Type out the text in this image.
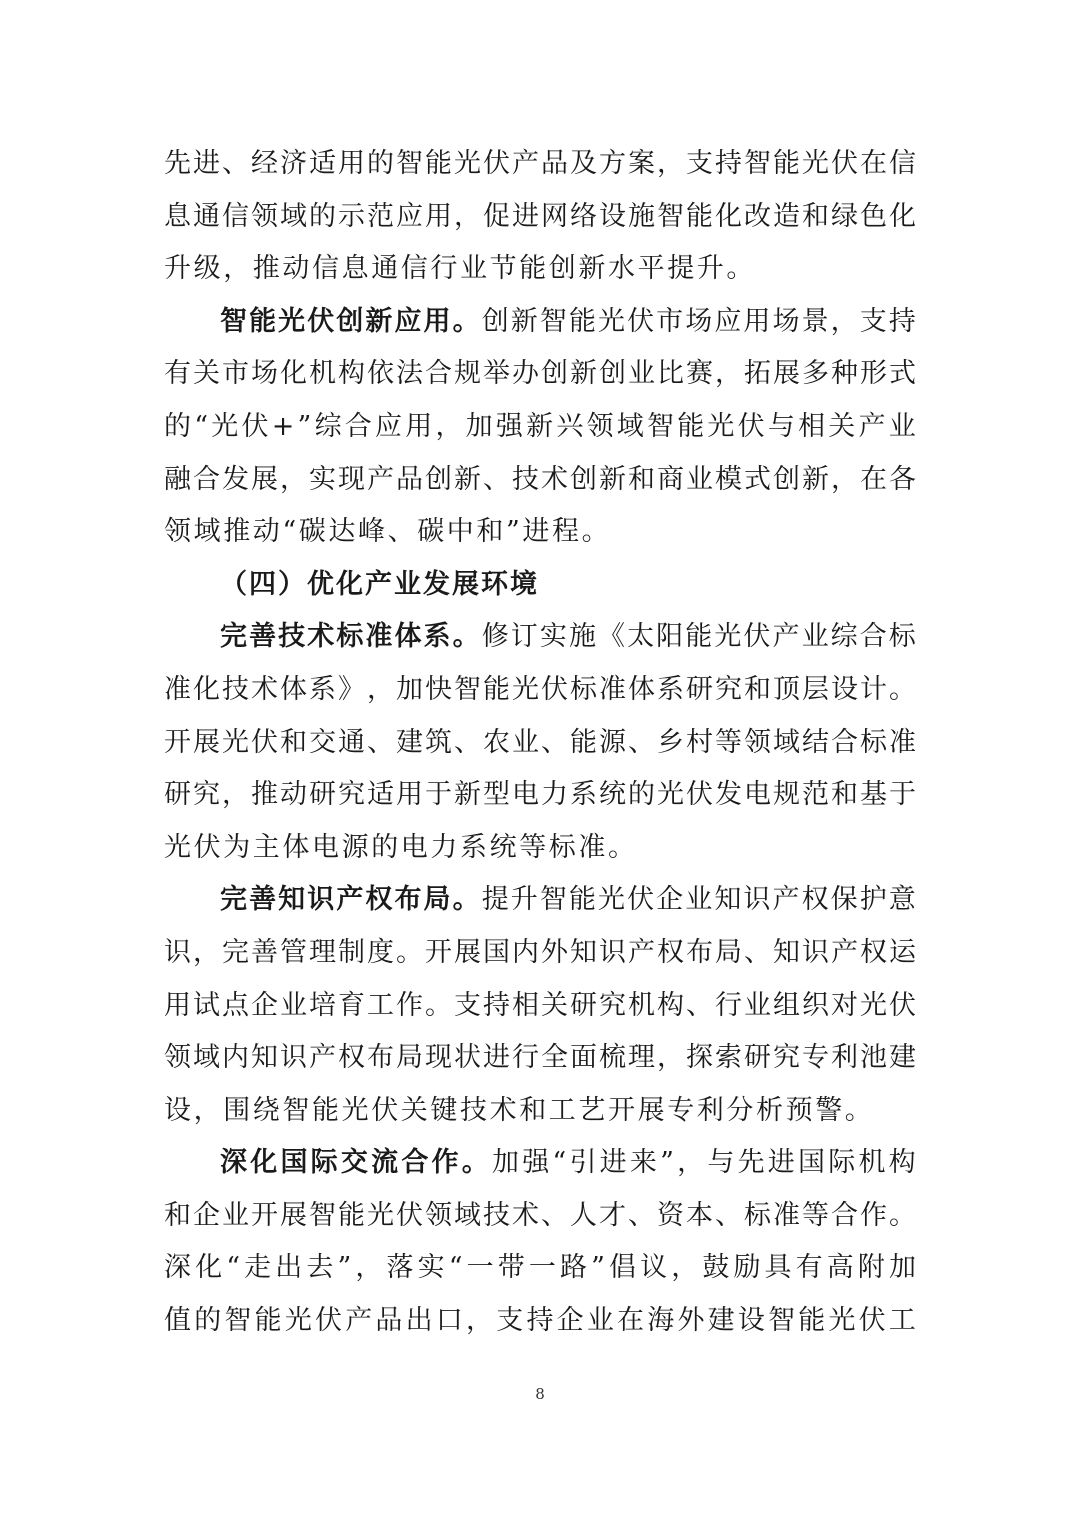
先 进 、 经 济 适 用 的 智 能 光 伏 产 品 及 方 案 ， 支 持 智 能 光 伏 在 信
息 通 信 领 域 的 示 范 应 用 ， 促 进 网 络 设 施 智 能 化 改 造 和 绿 色 化
升级，推动信息通信行业节能创新水平提升。
智 能 光 伏 创 新 应 用 。 创 新 智 能 光 伏 市 场 应 用 场 景 ， 支 持
有 关 市 场 化 机 构 依 法 合 规 举 办 创 新 创 业 比 赛 ， 拓 展 多 种 形 式
的 “ 光 伏 + ” 综 合 应 用 ， 加 强 新 兴 领 域 智 能 光 伏 与 相 关 产 业
融 合 发 展 ， 实 现 产 品 创 新 、 技 术 创 新 和 商 业 模 式 创 新 ， 在 各
领域推动“碳达峰、碳中和”进程。
（四）优化产业发展环境
完 善 技 术 标 准 体 系 。 修 订 实 施 《 太 阳 能 光 伏 产 业 综 合 标
准 化 技 术 体 系 》 ， 加 快 智 能 光 伏 标 准 体 系 研 究 和 顶 层 设 计 。
开 展 光 伏 和 交 通 、 建 筑 、 农 业 、 能 源 、 乡 村 等 领 域 结 合 标 准
研 究 ， 推 动 研 究 适 用 于 新 型 电 力 系 统 的 光 伏 发 电 规 范 和 基 于
光伏为主体电源的电力系统等标准。
完 善 知 识 产 权 布 局 。 提 升 智 能 光 伏 企 业 知 识 产 权 保 护 意
识 ， 完 善 管 理 制 度 。 开 展 国 内 外 知 识 产 权 布 局 、 知 识 产 权 运
用 试 点 企 业 培 育 工 作 。 支 持 相 关 研 究 机 构 、 行 业 组 织 对 光 伏
领 域 内 知 识 产 权 布 局 现 状 进 行 全 面 梳 理 ， 探 索 研 究 专 利 池 建
设，围绕智能光伏关键技术和工艺开展专利分析预警。
深 化 国 际 交 流 合 作 。 加 强 “ 引 进 来 ” ， 与 先 进 国 际 机 构
和 企 业 开 展 智 能 光 伏 领 域 技 术 、 人 才 、 资 本 、 标 准 等 合 作 。
深 化 “ 走 出 去 ” ， 落 实 “ 一 带 一 路 ” 倡 议 ， 鼓 励 具 有 高 附 加
值 的 智 能 光 伏 产 品 出 口 ， 支 持 企 业 在 海 外 建 设 智 能 光 伏 工
8
